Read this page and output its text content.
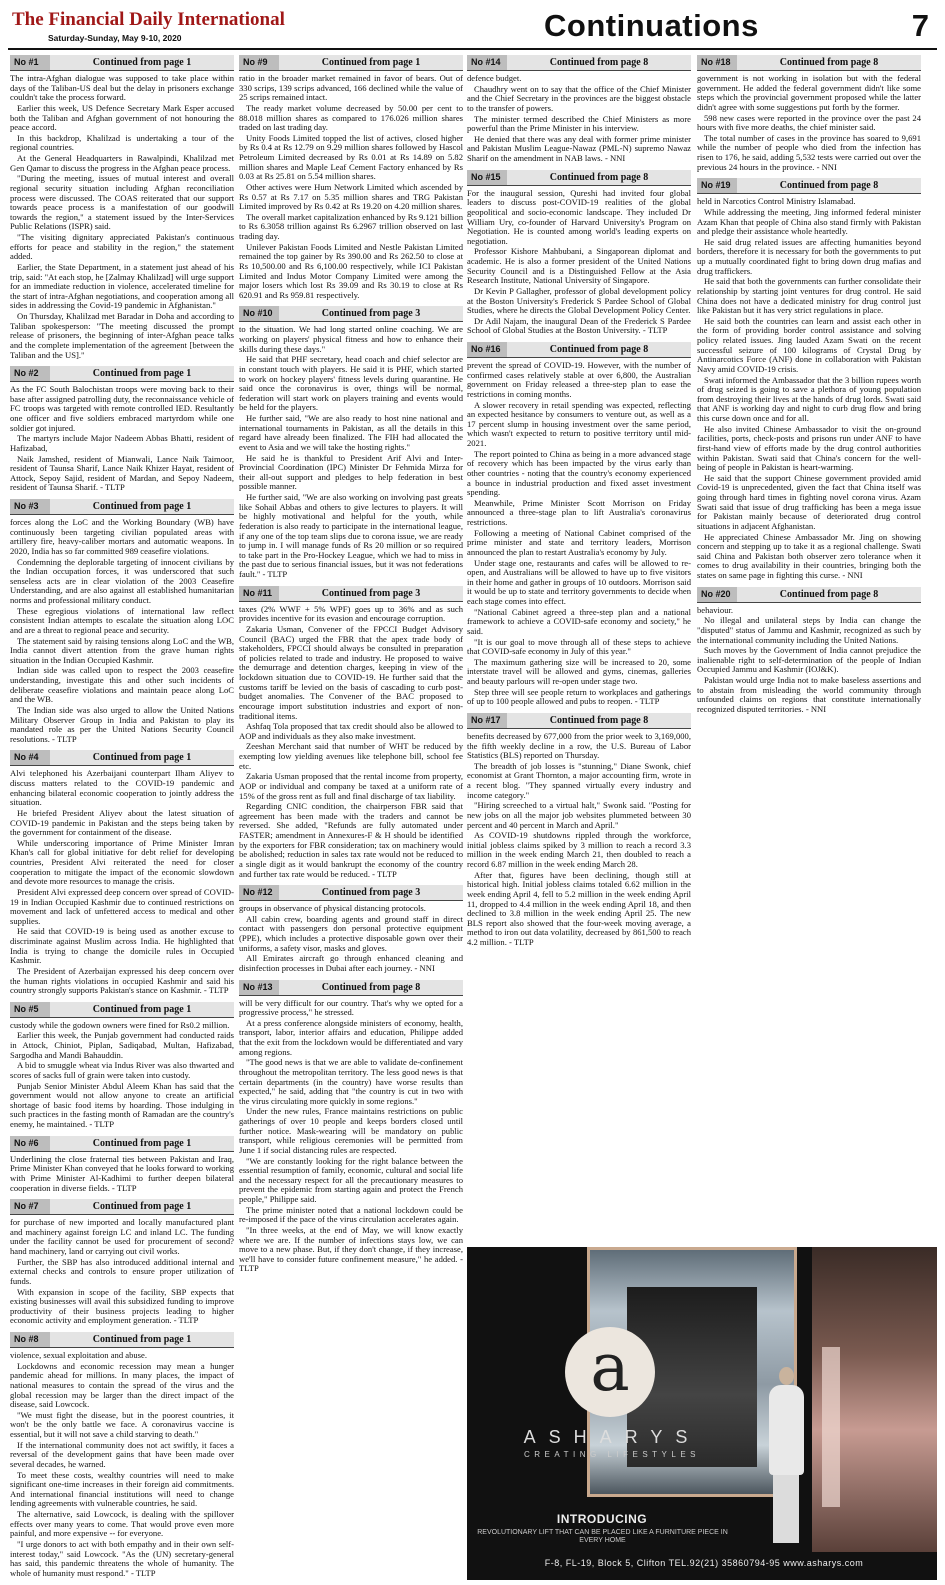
The Financial Daily International
Saturday-Sunday, May 9-10, 2020	Continuations	7
No #1	Continued from page 1

The intra-Afghan dialogue was supposed to take place within days of the Taliban-US deal but the delay in prisoners exchange couldn't take the process forward.

Earlier this week, US Defence Secretary Mark Esper accused both the Taliban and Afghan government of not honouring the peace accord.

In this backdrop, Khalilzad is undertaking a tour of the regional countries.

At the General Headquarters in Rawalpindi, Khalilzad met Gen Qamar to discuss the progress in the Afghan peace process.

"During the meeting, issues of mutual interest and overall regional security situation including Afghan reconciliation process were discussed. The COAS reiterated that our support towards peace process is a manifestation of our goodwill towards the region," a statement issued by the Inter-Services Public Relations (ISPR) said.

"The visiting dignitary appreciated Pakistan's continuous efforts for peace and stability in the region," the statement added.

Earlier, the State Department, in a statement just ahead of his trip, said: "At each stop, he [Zalmay Khalilzad] will urge support for an immediate reduction in violence, accelerated timeline for the start of intra-Afghan negotiations, and cooperation among all sides in addressing the Covid-19 pandemic in Afghanistan."

On Thursday, Khalilzad met Baradar in Doha and according to Taliban spokesperson: "The meeting discussed the prompt release of prisoners, the beginning of inter-Afghan peace talks and the complete implementation of the agreement [between the Taliban and the US]."

No #2	Continued from page 1

As the FC South Balochistan troops were moving back to their base after assigned patrolling duty, the reconnaissance vehicle of FC troops was targeted with remote controlled IED. Resultantly one officer and five soldiers embraced martyrdom while one soldier got injured.

The martyrs include Major Nadeem Abbas Bhatti, resident of Hafizabad,

Naik Jamshed, resident of Mianwali, Lance Naik Taimoor, resident of Taunsa Sharif, Lance Naik Khizer Hayat, resident of Attock, Sepoy Sajid, resident of Mardan, and Sepoy Nadeem, resident of Taunsa Sharif. - TLTP

No #3	Continued from page 1

forces along the LoC and the Working Boundary (WB) have continuously been targeting civilian populated areas with artillery fire, heavy-caliber mortars and automatic weapons. In 2020, India has so far committed 989 ceasefire violations.

Condemning the deplorable targeting of innocent civilians by the Indian occupation forces, it was underscored that such senseless acts are in clear violation of the 2003 Ceasefire Understanding, and are also against all established humanitarian norms and professional military conduct.

These egregious violations of international law reflect consistent Indian attempts to escalate the situation along LOC and are a threat to regional peace and security.

The statement said by raising tensions along LoC and the WB, India cannot divert attention from the grave human rights situation in the Indian Occupied Kashmir.

Indian side was called upon to respect the 2003 ceasefire understanding, investigate this and other such incidents of deliberate ceasefire violations and maintain peace along LoC and the WB.

The Indian side was also urged to allow the United Nations Military Observer Group in India and Pakistan to play its mandated role as per the United Nations Security Council resolutions. - TLTP

No #4	Continued from page 1

Alvi telephoned his Azerbaijani counterpart Ilham Aliyev to discuss matters related to the COVID-19 pandemic and enhancing bilateral economic cooperation to jointly address the situation.

He briefed President Aliyev about the latest situation of COVID-19 pandemic in Pakistan and the steps being taken by the government for containment of the disease.

While underscoring importance of Prime Minister Imran Khan's call for global initiative for debt relief for developing countries, President Alvi reiterated the need for closer cooperation to mitigate the impact of the economic slowdown and devote more resources to manage the crisis.

President Alvi expressed deep concern over spread of COVID-19 in Indian Occupied Kashmir due to continued restrictions on movement and lack of unfettered access to medical and other supplies.

He said that COVID-19 is being used as another excuse to discriminate against Muslim across India. He highlighted that India is trying to change the domicile rules in Occupied Kashmir.

The President of Azerbaijan expressed his deep concern over the human rights violations in occupied Kashmir and said his country strongly supports Pakistan's stance on Kashmir. - TLTP

No #5	Continued from page 1

custody while the godown owners were fined for Rs0.2 million.

Earlier this week, the Punjab government had conducted raids in Attock, Chiniot, Piplan, Sadiqabad, Multan, Hafizabad, Sargodha and Mandi Bahauddin.

A bid to smuggle wheat via Indus River was also thwarted and scores of sacks full of grain were taken into custody.

Punjab Senior Minister Abdul Aleem Khan has said that the government would not allow anyone to create an artificial shortage of basic food items by hoarding. Those indulging in such practices in the fasting month of Ramadan are the country's enemy, he maintained. - TLTP

No #6	Continued from page 1

Underlining the close fraternal ties between Pakistan and Iraq, Prime Minister Khan conveyed that he looks forward to working with Prime Minister Al-Kadhimi to further deepen bilateral cooperation in diverse fields. - TLTP

No #7	Continued from page 1

for purchase of new imported and locally manufactured plant and machinery against foreign LC and inland LC. The funding under the facility cannot be used for procurement of second?hand machinery, land or carrying out civil works.

Further, the SBP has also introduced additional internal and external checks and controls to ensure proper utilization of funds.

With expansion in scope of the facility, SBP expects that existing businesses will avail this subsidized funding to improve productivity of their business projects leading to higher economic activity and employment generation. - TLTP

No #8	Continued from page 1

violence, sexual exploitation and abuse.

Lockdowns and economic recession may mean a hunger pandemic ahead for millions. In many places, the impact of national measures to contain the spread of the virus and the global recession may be larger than the direct impact of the disease, said Lowcock.

"We must fight the disease, but in the poorest countries, it won't be the only battle we face. A coronavirus vaccine is essential, but it will not save a child starving to death."

If the international community does not act swiftly, it faces a reversal of the development gains that have been made over several decades, he warned.

To meet these costs, wealthy countries will need to make significant one-time increases in their foreign aid commitments. And international financial institutions will need to change lending agreements with vulnerable countries, he said.

The alternative, said Lowcock, is dealing with the spillover effects over many years to come. That would prove even more painful, and more expensive -- for everyone.

"I urge donors to act with both empathy and in their own self-interest today," said Lowcock. "As the (UN) secretary-general has said, this pandemic threatens the whole of humanity. The whole of humanity must respond." - TLTP

No #9	Continued from page 1

ratio in the broader market remained in favor of bears. Out of 330 scrips, 139 scrips advanced, 166 declined while the value of 25 scrips remained intact.

The ready market volume decreased by 50.00 per cent to 88.018 million shares as compared to 176.026 million shares traded on last trading day.

Unity Foods Limited topped the list of actives, closed higher by Rs 0.4 at Rs 12.79 on 9.29 million shares followed by Hascol Petroleum Limited decreased by Rs 0.01 at Rs 14.89 on 5.82 million shares and Maple Leaf Cement Factory enhanced by Rs 0.03 at Rs 25.81 on 5.54 million shares.

Other actives were Hum Network Limited which ascended by Rs 0.57 at Rs 7.17 on 5.35 million shares and TRG Pakistan Limited improved by Rs 0.42 at Rs 19.20 on 4.20 million shares.

The overall market capitalization enhanced by Rs 9.121 billion to Rs 6.3058 trillion against Rs 6.2967 trillion observed on last trading day.

Unilever Pakistan Foods Limited and Nestle Pakistan Limited remained the top gainer by Rs 390.00 and Rs 262.50 to close at Rs 10,500.00 and Rs 6,100.00 respectively, while ICI Pakistan Limited and Indus Motor Company Limited were among the major losers which lost Rs 39.09 and Rs 30.19 to close at Rs 620.91 and Rs 959.81 respectively.

No #10	Continued from page 3

to the situation. We had long started online coaching. We are working on players' physical fitness and how to enhance their skills during these days."

He said that PHF secretary, head coach and chief selector are in constant touch with players. He said it is PHF, which started to work on hockey players' fitness levels during quarantine. He said once the coronavirus is over, things will be normal, federation will start work on players training and events would be held for the players.

He further said, "We are also ready to host nine national and international tournaments in Pakistan, as all the details in this regard have already been finalized. The FIH had allocated the event to Asia and we will take the hosting rights."

He said he is thankful to President Arif Alvi and Inter-Provincial Coordination (IPC) Minister Dr Fehmida Mirza for their all-out support and pledges to help federation in best possible manner.

He further said, "We are also working on involving past greats like Sohail Abbas and others to give lectures to players. It will be highly motivational and helpful for the youth, while federation is also ready to participate in the international league, if any one of the top team slips due to corona issue, we are ready to jump in. I will manage funds of Rs 20 million or so required to take part in the Pro-Hockey League, which we had to miss in the past due to serious financial issues, but it was not federations fault." - TLTP

No #11	Continued from page 3

taxes (2% WWF + 5% WPF) goes up to 36% and as such provides incentive for its evasion and encourage corruption.

Zakaria Usman, Convener of the FPCCI Budget Advisory Council (BAC) urged the FBR that the apex trade body of stakeholders, FPCCI should always be consulted in preparation of policies related to trade and industry. He proposed to waive the demurrage and detention charges, keeping in view of the lockdown situation due to COVID-19. He further said that the customs tariff be levied on the basis of cascading to curb post-budget anomalies. The Convener of the BAC proposed to encourage import substitution industries and export of non-traditional items.

Ashfaq Tola proposed that tax credit should also be allowed to AOP and individuals as they also make investment.

Zeeshan Merchant said that number of WHT be reduced by exempting low yielding avenues like telephone bill, school fee etc.

Zakaria Usman proposed that the rental income from property, AOP or individual and company be taxed at a uniform rate of 15% of the gross rent as full and final discharge of tax liability.

Regarding CNIC condition, the chairperson FBR said that agreement has been made with the traders and cannot be reversed. She added, "Refunds are fully automated under FASTER; amendment in Annexures-F & H should be identified by the exporters for FBR consideration; tax on machinery would be abolished; reduction in sales tax rate would not be reduced to a single digit as it would bankrupt the economy of the country and further tax rate would be reduced. - TLTP

No #12	Continued from page 3

groups in observance of physical distancing protocols.

All cabin crew, boarding agents and ground staff in direct contact with passengers don personal protective equipment (PPE), which includes a protective disposable gown over their uniforms, a safety visor, masks and gloves.

All Emirates aircraft go through enhanced cleaning and disinfection processes in Dubai after each journey. - NNI

No #13	Continued from page 8

will be very difficult for our country. That's why we opted for a progressive process," he stressed.

At a press conference alongside ministers of economy, health, transport, labor, interior affairs and education, Philippe added that the exit from the lockdown would be differentiated and vary among regions.

"The good news is that we are able to validate de-confinement throughout the metropolitan territory. The less good news is that certain departments (in the country) have worse results than expected," he said, adding that "the country is cut in two with the virus circulating more quickly in some regions."

Under the new rules, France maintains restrictions on public gatherings of over 10 people and keeps borders closed until further notice. Mask-wearing will be mandatory on public transport, while religious ceremonies will be permitted from June 1 if social distancing rules are respected.

"We are constantly looking for the right balance between the essential resumption of family, economic, cultural and social life and the necessary respect for all the precautionary measures to prevent the epidemic from starting again and protect the French people," Philippe said.

The prime minister noted that a national lockdown could be re-imposed if the pace of the virus circulation accelerates again.

"In three weeks, at the end of May, we will know exactly where we are. If the number of infections stays low, we can move to a new phase. But, if they don't change, if they increase, we'll have to consider future confinement measure," he added. - TLTP

No #14	Continued from page 8

defence budget.

Chaudhry went on to say that the office of the Chief Minister and the Chief Secretary in the provinces are the biggest obstacle to the transfer of powers.

The minister termed described the Chief Ministers as more powerful than the Prime Minister in his interview.

He denied that there was any deal with former prime minister and Pakistan Muslim League-Nawaz (PML-N) supremo Nawaz Sharif on the amendment in NAB laws. - NNI

No #15	Continued from page 8

For the inaugural session, Qureshi had invited four global leaders to discuss post-COVID-19 realities of the global geopolitical and socio-economic landscape. They included Dr William Ury, co-founder of Harvard University's Program on Negotiation. He is counted among world's leading experts on negotiation.

Professor Kishore Mahbubani, a Singaporean diplomat and academic. He is also a former president of the United Nations Security Council and is a Distinguished Fellow at the Asia Research Institute, National University of Singapore.

Dr Kevin P Gallagher, professor of global development policy at the Boston University's Frederick S Pardee School of Global Studies, where he directs the Global Development Policy Center.

Dr Adil Najam, the inaugural Dean of the Frederick S Pardee School of Global Studies at the Boston University. - TLTP

No #16	Continued from page 8

prevent the spread of COVID-19. However, with the number of confirmed cases relatively stable at over 6,800, the Australian government on Friday released a three-step plan to ease the restrictions in coming months.

A slower recovery in retail spending was expected, reflecting an expected hesitance by consumers to venture out, as well as a 17 percent slump in housing investment over the same period, which wasn't expected to return to positive territory until mid-2021.

The report pointed to China as being in a more advanced stage of recovery which has been impacted by the virus early than other countries - noting that the country's economy experienced a bounce in industrial production and fixed asset investment spending.

Meanwhile, Prime Minister Scott Morrison on Friday announced a three-stage plan to lift Australia's coronavirus restrictions.

Following a meeting of National Cabinet comprised of the prime minister and state and territory leaders, Morrison announced the plan to restart Australia's economy by July.

Under stage one, restaurants and cafes will be allowed to re-open, and Australians will be allowed to have up to five visitors in their home and gather in groups of 10 outdoors. Morrison said it would be up to state and territory governments to decide when each stage comes into effect.

"National Cabinet agreed a three-step plan and a national framework to achieve a COVID-safe economy and society," he said.

"It is our goal to move through all of these steps to achieve that COVID-safe economy in July of this year."

The maximum gathering size will be increased to 20, some interstate travel will be allowed and gyms, cinemas, galleries and beauty parlours will re-open under stage two.

Step three will see people return to workplaces and gatherings of up to 100 people allowed and pubs to reopen. - TLTP

No #17	Continued from page 8

benefits decreased by 677,000 from the prior week to 3,169,000, the fifth weekly decline in a row, the U.S. Bureau of Labor Statistics (BLS) reported on Thursday.

The breadth of job losses is "stunning," Diane Swonk, chief economist at Grant Thornton, a major accounting firm, wrote in a recent blog. "They spanned virtually every industry and income category."

"Hiring screeched to a virtual halt," Swonk said. "Posting for new jobs on all the major job websites plummeted between 30 percent and 40 percent in March and April."

As COVID-19 shutdowns rippled through the workforce, initial jobless claims spiked by 3 million to reach a record 3.3 million in the week ending March 21, then doubled to reach a record 6.87 million in the week ending March 28.

After that, figures have been declining, though still at historical high. Initial jobless claims totaled 6.62 million in the week ending April 4, fell to 5.2 million in the week ending April 11, dropped to 4.4 million in the week ending April 18, and then declined to 3.8 million in the week ending April 25. The new BLS report also showed that the four-week moving average, a method to iron out data volatility, decreased by 861,500 to reach 4.2 million. - TLTP

No #18	Continued from page 8

government is not working in isolation but with the federal government. He added the federal government didn't like some steps which the provincial government proposed while the latter didn't agree with some suggestions put forth by the former.

598 new cases were reported in the province over the past 24 hours with five more deaths, the chief minister said.

The total number of cases in the province has soared to 9,691 while the number of people who died from the infection has risen to 176, he said, adding 5,532 tests were carried out over the previous 24 hours in the province. - NNI

No #19	Continued from page 8

held in Narcotics Control Ministry Islamabad.

While addressing the meeting, Jing informed federal minister Azam Khan that people of China also stand firmly with Pakistan and pledge their assistance whole heartedly.

He said drug related issues are affecting humanities beyond borders, therefore it is necessary for both the governments to put up a mutually coordinated fight to bring down drug mafias and drug traffickers.

He said that both the governments can further consolidate their relationship by starting joint ventures for drug control. He said China does not have a dedicated ministry for drug control just like Pakistan but it has very strict regulations in place.

He said both the countries can learn and assist each other in the form of providing border control assistance and solving policy related issues. Jing lauded Azam Swati on the recent successful seizure of 100 kilograms of Crystal Drug by Antinarcotics Force (ANF) done in collaboration with Pakistan Navy amid COVID-19 crisis.

Swati informed the Ambassador that the 3 billion rupees worth of drug seized is going to save a plethora of young population from destroying their lives at the hands of drug lords. Swati said that ANF is working day and night to curb drug flow and bring this curse down once and for all.

He also invited Chinese Ambassador to visit the on-ground facilities, ports, check-posts and prisons run under ANF to have first-hand view of efforts made by the drug control authorities within Pakistan. Swati said that China's concern for the well-being of people in Pakistan is heart-warming.

He said that the support Chinese government provided amid Covid-19 is unprecedented, given the fact that China itself was going through hard times in fighting novel corona virus. Azam Swati said that issue of drug trafficking has been a mega issue for Pakistan mainly because of deteriorated drug control situations in adjacent Afghanistan.

He appreciated Chinese Ambassador Mr. Jing on showing concern and stepping up to take it as a regional challenge. Swati said China and Pakistan both observer zero tolerance when it comes to drug availability in their countries, bringing both the states on same page in fighting this curse. - NNI

No #20	Continued from page 8

behaviour.

No illegal and unilateral steps by India can change the "disputed" status of Jammu and Kashmir, recognized as such by the international community including the United Nations.

Such moves by the Government of India cannot prejudice the inalienable right to self-determination of the people of Indian Occupied Jammu and Kashmir (IOJ&K).

Pakistan would urge India not to make baseless assertions and to abstain from misleading the world community through unfounded claims on regions that constitute internationally recognized disputed territories. - NNI

a
ASHARYS
CREATING LIFESTYLES
INTRODUCING
REVOLUTIONARY LIFT THAT CAN BE PLACED LIKE A FURNITURE PIECE IN EVERY HOME
F-8, FL-19, Block 5, Clifton TEL.92(21) 35860794-95 www.asharys.com
